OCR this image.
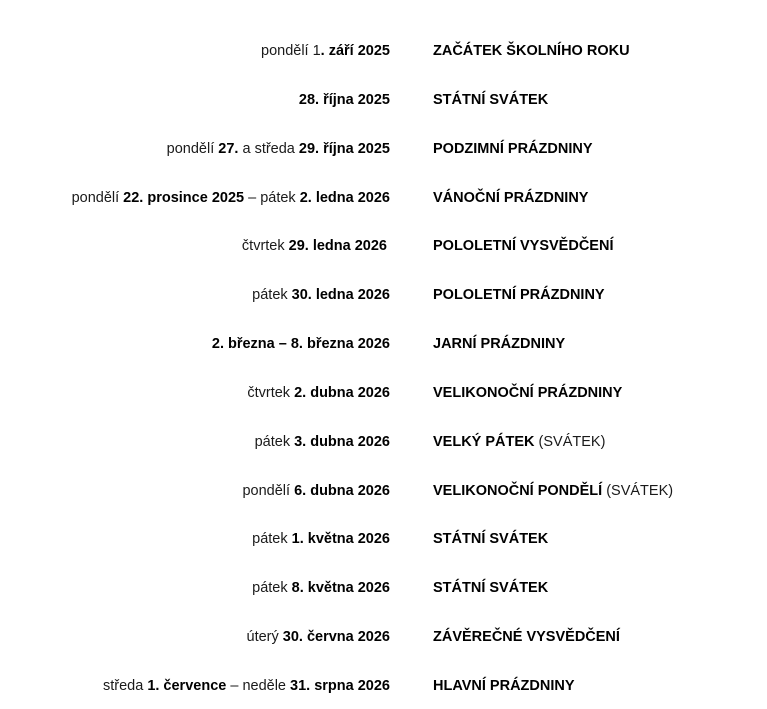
pondělí 1. září 2025	ZAČÁTEK ŠKOLNÍHO ROKU
28. října 2025	STÁTNÍ SVÁTEK
pondělí 27. a středa 29. října 2025	PODZIMNÍ PRÁZDNINY
pondělí 22. prosince 2025 – pátek 2. ledna 2026	VÁNOČNÍ PRÁZDNINY
čtvrtek 29. ledna 2026	POLOLETNÍ VYSVĚDČENÍ
pátek 30. ledna 2026	POLOLETNÍ PRÁZDNINY
2. března – 8. března 2026	JARNÍ PRÁZDNINY
čtvrtek 2. dubna 2026	VELIKONOČNÍ PRÁZDNINY
pátek 3. dubna 2026	VELKÝ PÁTEK (SVÁTEK)
pondělí 6. dubna 2026	VELIKONOČNÍ PONDĚLÍ (SVÁTEK)
pátek 1. května 2026	STÁTNÍ SVÁTEK
pátek 8. května 2026	STÁTNÍ SVÁTEK
úterý 30. června 2026	ZÁVĚREČNÉ VYSVĚDČENÍ
středa 1. července – neděle 31. srpna 2026	HLAVNÍ PRÁZDNINY
